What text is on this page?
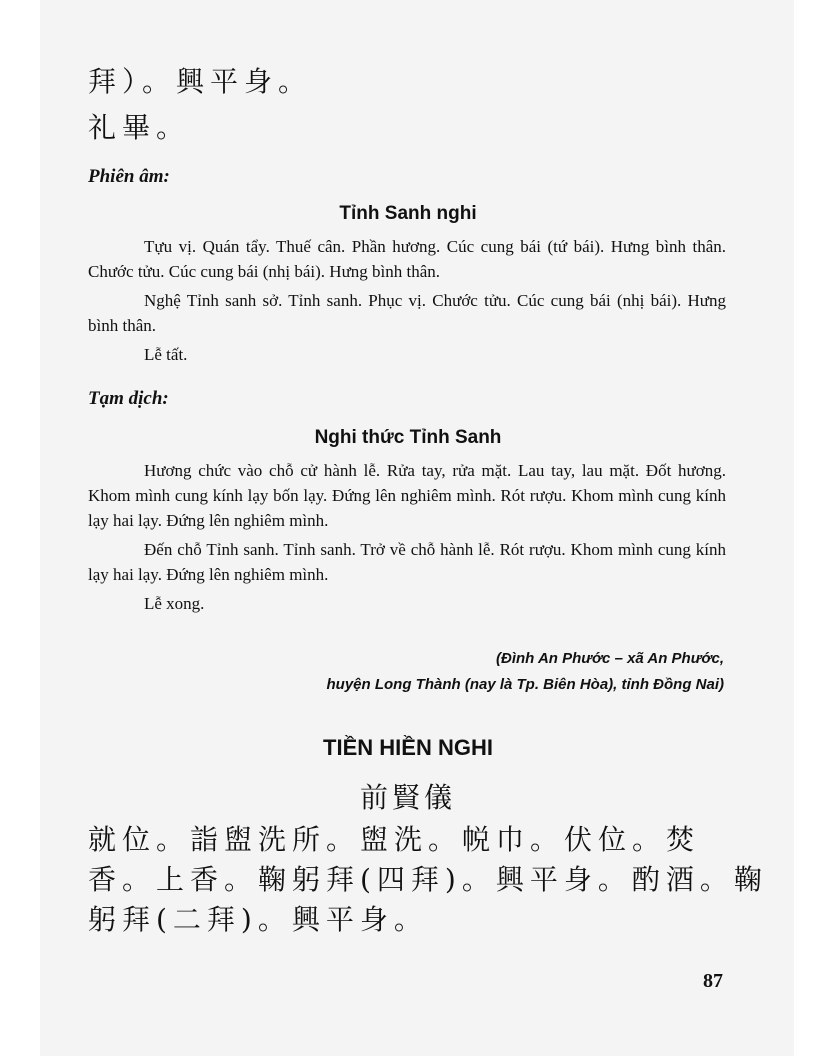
拜）。興平身。
礼畢。
Phiên âm:
Tỉnh Sanh nghi
Tựu vị. Quán tẩy. Thuế cân. Phần hương. Cúc cung bái (tứ bái). Hưng bình thân. Chước tửu. Cúc cung bái (nhị bái). Hưng bình thân.
Nghệ Tỉnh sanh sở. Tỉnh sanh. Phục vị. Chước tửu. Cúc cung bái (nhị bái). Hưng bình thân.
Lễ tất.
Tạm dịch:
Nghi thức Tỉnh Sanh
Hương chức vào chỗ cử hành lễ. Rửa tay, rửa mặt. Lau tay, lau mặt. Đốt hương. Khom mình cung kính lạy bốn lạy. Đứng lên nghiêm mình. Rót rượu. Khom mình cung kính lạy hai lạy. Đứng lên nghiêm mình.
Đến chỗ Tỉnh sanh. Tỉnh sanh. Trở về chỗ hành lễ. Rót rượu. Khom mình cung kính lạy hai lạy. Đứng lên nghiêm mình.
Lễ xong.
(Đình An Phước – xã An Phước,
huyện Long Thành (nay là Tp. Biên Hòa), tỉnh Đồng Nai)
TIỀN HIỀN NGHI
前賢儀
就位。詣盥洗所。盥洗。帨巾。伏位。焚
香。上香。鞠躬拜(四拜)。興平身。酌酒。鞠
躬拜(二拜)。興平身。
87
